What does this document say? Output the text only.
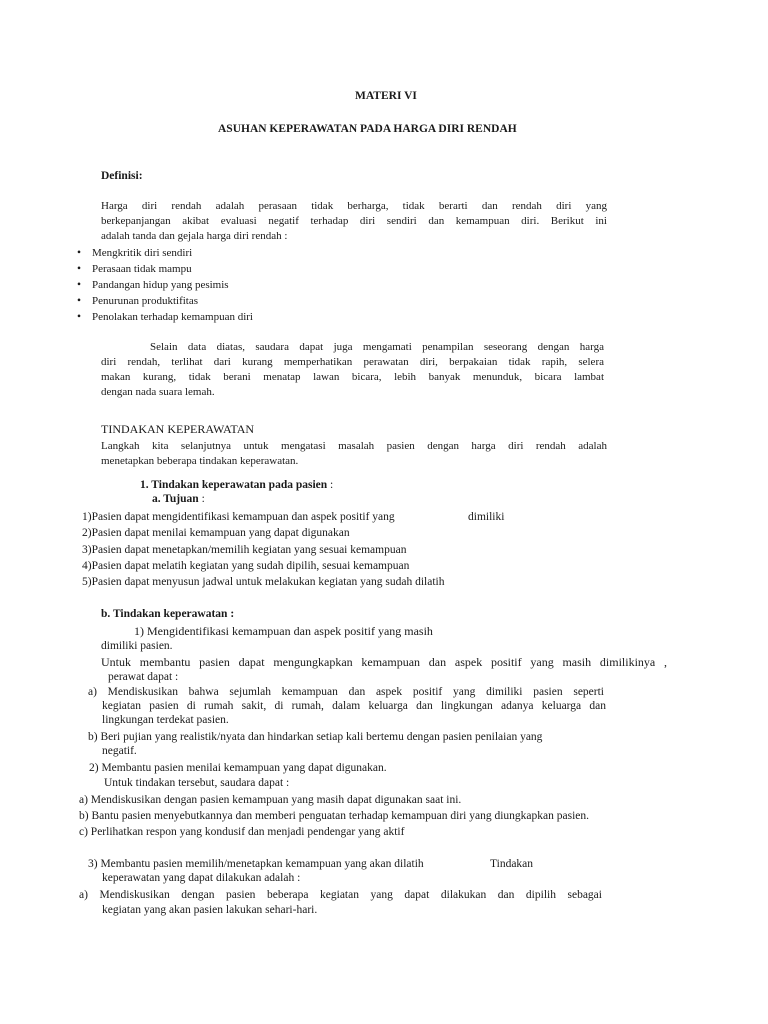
MATERI VI
ASUHAN KEPERAWATAN PADA HARGA DIRI RENDAH
Definisi:
Harga diri rendah adalah perasaan tidak berharga, tidak berarti dan rendah diri yang
berkepanjangan akibat evaluasi negatif terhadap diri sendiri dan kemampuan diri. Berikut ini
adalah tanda dan gejala harga diri rendah :
• Mengkritik diri sendiri
• Perasaan tidak mampu
• Pandangan hidup yang pesimis
• Penurunan produktifitas
• Penolakan terhadap kemampuan diri
Selain data diatas, saudara dapat juga mengamati penampilan seseorang dengan harga
diri rendah, terlihat dari kurang memperhatikan perawatan diri, berpakaian tidak rapih, selera
makan kurang, tidak berani menatap lawan bicara, lebih banyak menunduk, bicara lambat
dengan nada suara lemah.
TINDAKAN KEPERAWATAN
Langkah kita selanjutnya untuk mengatasi masalah pasien dengan harga diri rendah adalah
menetapkan beberapa tindakan keperawatan.
1. Tindakan keperawatan pada pasien :
a. Tujuan :
1)Pasien dapat mengidentifikasi kemampuan dan aspek positif yang	dimiliki
2)Pasien dapat menilai kemampuan yang dapat digunakan
3)Pasien dapat menetapkan/memilih kegiatan yang sesuai kemampuan
4)Pasien dapat melatih kegiatan yang sudah dipilih, sesuai kemampuan
5)Pasien dapat menyusun jadwal untuk melakukan kegiatan yang sudah dilatih
b. Tindakan keperawatan :
1) Mengidentifikasi kemampuan dan aspek positif yang masih
dimiliki pasien.
Untuk membantu pasien dapat mengungkapkan kemampuan dan aspek positif yang masih dimilikinya ,
perawat dapat :
a) Mendiskusikan bahwa sejumlah kemampuan dan aspek positif yang dimiliki pasien seperti
kegiatan pasien di rumah sakit, di rumah, dalam keluarga dan lingkungan adanya keluarga dan
lingkungan terdekat pasien.
b) Beri pujian yang realistik/nyata dan hindarkan setiap kali bertemu dengan pasien penilaian yang
negatif.
2) Membantu pasien menilai kemampuan yang dapat digunakan.
Untuk tindakan tersebut, saudara dapat :
a) Mendiskusikan dengan pasien kemampuan yang masih dapat digunakan saat ini.
b) Bantu pasien menyebutkannya dan memberi penguatan terhadap kemampuan diri yang diungkapkan pasien.
c) Perlihatkan respon yang kondusif dan menjadi pendengar yang aktif
3) Membantu pasien memilih/menetapkan kemampuan yang akan dilatih	Tindakan
keperawatan yang dapat dilakukan adalah :
a) Mendiskusikan dengan pasien beberapa kegiatan yang dapat dilakukan dan dipilih sebagai
kegiatan yang akan pasien lakukan sehari-hari.
